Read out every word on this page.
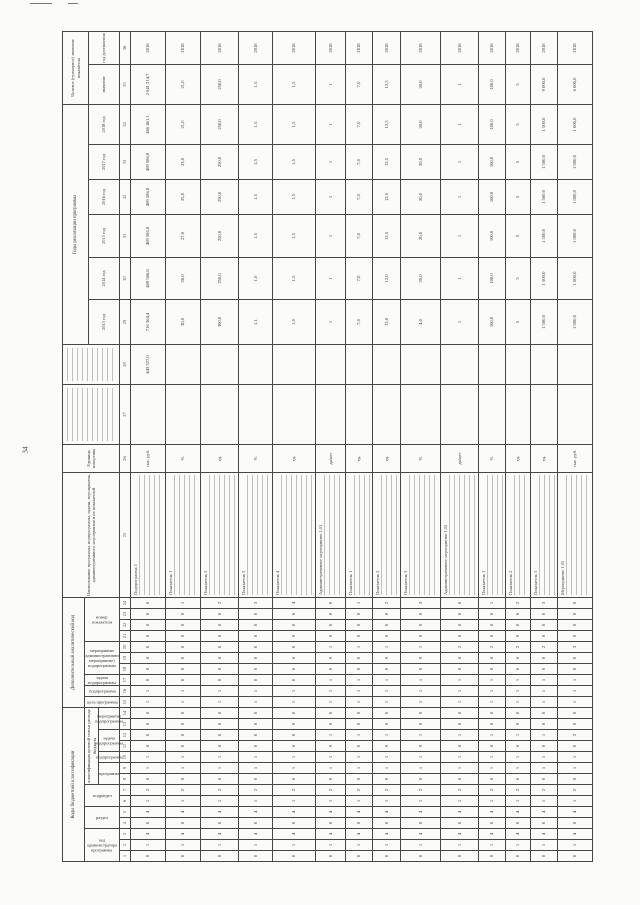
34
Коды бюджетной классификации
код администратора программы
раздел
подраздел
классификация целевой статьи расхода бюджета
программа
подпрограмма
задача подпрограммы
мероприятие подпрограммы
Дополнительный аналитический код
цель программы
подпрограмма
задача подпрограммы
мероприятие (административное мероприятие) подпрограммы
номер показателя
Наименование программы, подпрограммы, задачи, мероприятия, административного мероприятия и их показателей
Единица измерения
Годы реализации программы
Целевое (суммарное) значение показателя
значение
год достижения
2013 год
2014 год
2015 год
2016 год
2017 год
2018 год
1
2
3
4
5
6
7
8
9
10
11
12
13
14
15
16
17
18
19
20
21
22
23
24
25
26
27
28
29
30
31
32
33
34
35
36
0
1
4
0
4
1
2
0
1
1
0
0
0
0
1
1
0
0
0
0
0
0
0
0
Подпрограмма 1
тыс. руб.
443 527,0
716 364,4
469 586,8
469 586,8
469 586,8
469 586,8
466 461,1
2 641 214,7
2018
0
1
4
0
4
1
2
0
1
1
0
0
0
0
1
1
0
0
0
0
0
0
0
1
Показатель 1
%
30,0
28,0
27,0
25,0
23,0
21,0
21,0
2018
0
1
4
0
4
1
2
0
1
1
0
0
0
0
1
1
0
0
0
0
0
0
0
2
Показатель 2
ед.
300,0
250,0
250,0
250,0
250,0
250,0
250,0
2018
0
1
4
0
4
1
2
0
1
1
0
0
0
0
1
1
0
0
0
0
0
0
0
3
Показатель 3
%
1,1
1,0
1,5
1,5
1,5
1,5
1,5
2018
0
1
4
0
4
1
2
0
1
1
0
0
0
0
1
1
0
0
0
0
0
0
0
4
Показатель 4
ед.
1,0
1,5
1,5
1,5
1,5
1,5
1,5
2018
0
1
4
0
4
1
2
0
1
1
0
1
0
0
1
1
1
0
0
1
0
0
0
0
Административное мероприятие 1.01
да/нет
1
1
1
1
1
1
1
2018
0
1
4
0
4
1
2
0
1
1
0
1
0
0
1
1
1
0
0
1
0
0
0
1
Показатель 1
ед.
7,0
7,0
7,0
7,0
7,0
7,0
7,0
2018
0
1
4
0
4
1
2
0
1
1
0
1
0
0
1
1
1
0
0
1
0
0
0
2
Показатель 2
ед.
12,0
12,0
12,5
12,5
12,5
12,5
12,5
2018
0
1
4
0
4
1
2
0
1
1
0
1
0
0
1
1
1
0
0
1
0
0
0
3
Показатель 3
%
4,0
20,0
20,0
20,0
20,0
20,0
20,0
2018
0
1
4
0
4
1
2
0
1
1
0
1
0
0
1
1
1
0
0
2
0
0
0
0
Административное мероприятие 1.02
да/нет
1
1
1
1
1
1
1
2018
0
1
4
0
4
1
2
0
1
1
0
1
0
0
1
1
1
0
0
2
0
0
0
1
Показатель 1
%
100,0
100,0
100,0
100,0
100,0
100,0
100,0
2018
0
1
4
0
4
1
2
0
1
1
0
1
0
0
1
1
1
0
0
2
0
0
0
2
Показатель 2
ед.
5
5
5
5
5
5
5
2018
0
1
4
0
4
1
2
0
1
1
0
1
0
0
1
1
1
0
0
2
0
0
0
3
Показатель 3
ед.
1 500,0
1 500,0
1 500,0
1 500,0
1 500,0
1 500,0
9 000,0
2018
0
1
4
0
4
1
2
0
1
1
0
2
0
0
1
1
1
0
0
3
0
0
0
0
Мероприятие 1.03
тыс. руб.
1 000,0
1 000,0
1 000,0
1 000,0
1 000,0
1 000,0
6 000,0
2018
